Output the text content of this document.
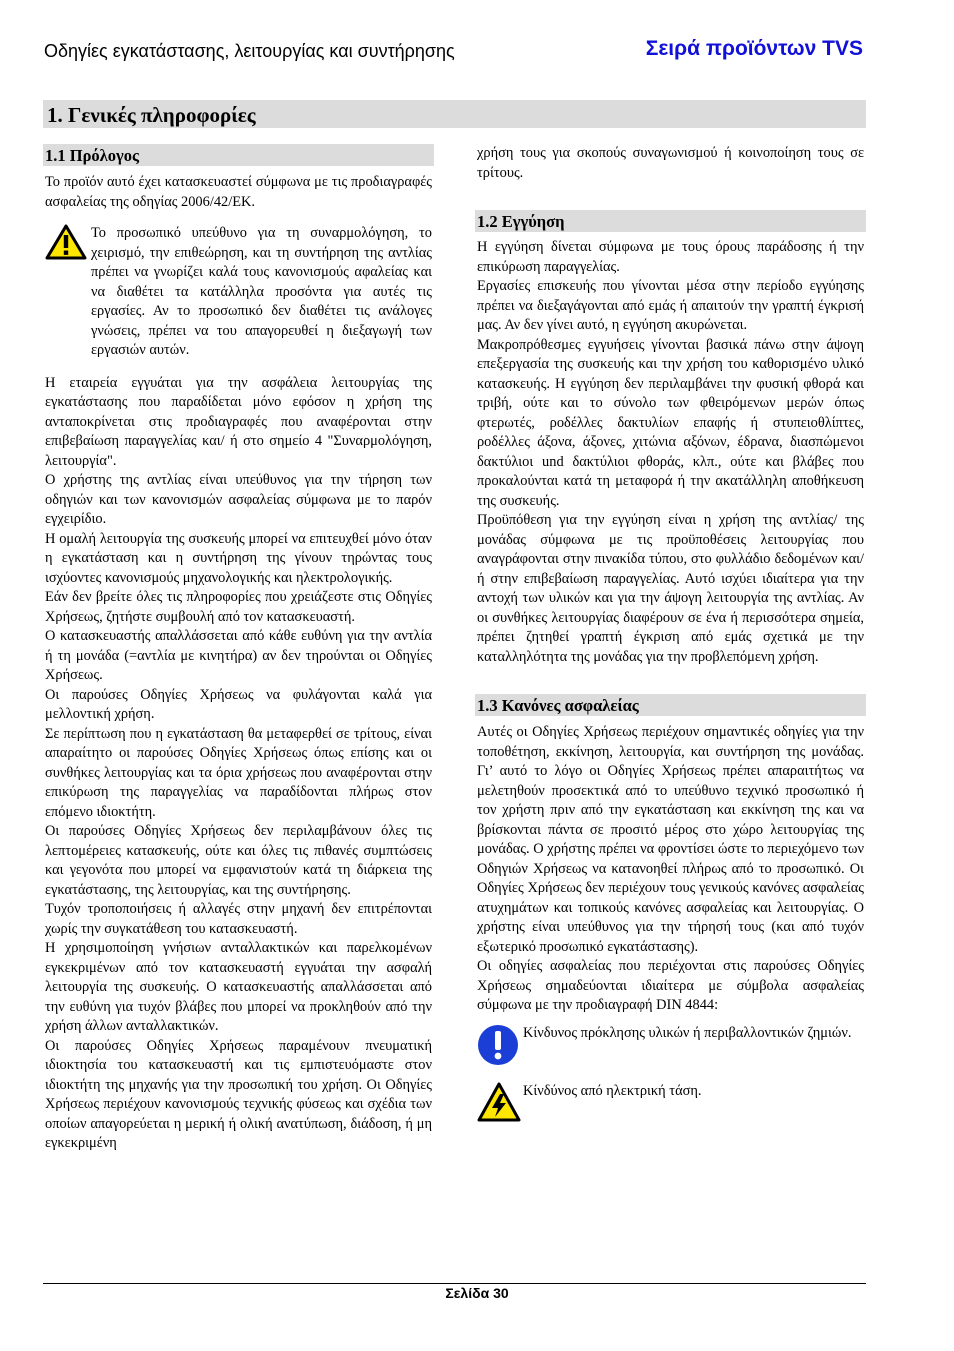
Οδηγίες εγκατάστασης, λειτουργίας και συντήρησης	Σειρά προϊόντων TVS
1. Γενικές πληροφορίες
1.1 Πρόλογος

Το προϊόν αυτό έχει κατασκευαστεί σύμφωνα με τις προδιαγραφές ασφαλείας της οδηγίας 2006/42/ΕΚ.

Το προσωπικό υπεύθυνο για τη συναρμολόγηση, το χειρισμό, την επιθεώρηση, και τη συντήρηση της αντλίας πρέπει να γνωρίζει καλά τους κανονισμούς αφαλείας και να διαθέτει τα κατάλληλα προσόντα για αυτές τις εργασίες. Αν το προσωπικό δεν διαθέτει τις ανάλογες γνώσεις, πρέπει να του απαγορευθεί η διεξαγωγή των εργασιών αυτών.

Η εταιρεία εγγυάται για την ασφάλεια λειτουργίας της εγκατάστασης που παραδίδεται μόνο εφόσον η χρήση της ανταποκρίνεται στις προδιαγραφές που αναφέρονται στην επιβεβαίωση παραγγελίας και/ ή στο σημείο 4 "Συναρμολόγηση, λειτουργία".

Ο χρήστης της αντλίας είναι υπεύθυνος για την τήρηση των οδηγιών και των κανονισμών ασφαλείας σύμφωνα με το παρόν εγχειρίδιο.

Η ομαλή λειτουργία της συσκευής μπορεί να επιτευχθεί μόνο όταν η εγκατάσταση και η συντήρηση της γίνουν τηρώντας τους ισχύοντες κανονισμούς μηχανολογικής και ηλεκτρολογικής.

Εάν δεν βρείτε όλες τις πληροφορίες που χρειάζεστε στις Οδηγίες Χρήσεως, ζητήστε συμβουλή από τον κατασκευαστή.

Ο κατασκευαστής απαλλάσσεται από κάθε ευθύνη για την αντλία ή τη μονάδα (=αντλία με κινητήρα) αν δεν τηρούνται οι Οδηγίες Χρήσεως.

Οι παρούσες Οδηγίες Χρήσεως να φυλάγονται καλά για μελλοντική χρήση.

Σε περίπτωση που η εγκατάσταση θα μεταφερθεί σε τρίτους, είναι απαραίτητο οι παρούσες Οδηγίες Χρήσεως όπως επίσης και οι συνθήκες λειτουργίας και τα όρια χρήσεως που αναφέρονται στην επικύρωση της παραγγελίας να παραδίδονται πλήρως στον επόμενο ιδιοκτήτη.

Οι παρούσες Οδηγίες Χρήσεως δεν περιλαμβάνουν όλες τις λεπτομέρειες κατασκευής, ούτε και όλες τις πιθανές συμπτώσεις και γεγονότα που μπορεί να εμφανιστούν κατά τη διάρκεια της εγκατάστασης, της λειτουργίας, και της συντήρησης.

Τυχόν τροποποιήσεις ή αλλαγές στην μηχανή δεν επιτρέπονται χωρίς την συγκατάθεση του κατασκευαστή.

Η χρησιμοποίηση γνήσιων ανταλλακτικών και παρελκομένων εγκεκριμένων από τον κατασκευαστή εγγυάται την ασφαλή λειτουργία της συσκευής. Ο κατασκευαστής απαλλάσσεται από την ευθύνη για τυχόν βλάβες που μπορεί να προκληθούν από την χρήση άλλων ανταλλακτικών.

Οι παρούσες Οδηγίες Χρήσεως παραμένουν πνευματική ιδιοκτησία του κατασκευαστή και τις εμπιστευόμαστε στον ιδιοκτήτη της μηχανής για την προσωπική του χρήση. Οι Οδηγίες Χρήσεως περιέχουν κανονισμούς τεχνικής φύσεως και σχέδια των οποίων απαγορεύεται η μερική ή ολική ανατύπωση, διάδοση, ή μη εγκεκριμένη

χρήση τους για σκοπούς συναγωνισμού ή κοινοποίηση τους σε τρίτους.

1.2 Εγγύηση

Η εγγύηση δίνεται σύμφωνα με τους όρους παράδοσης ή την επικύρωση παραγγελίας.

Εργασίες επισκευής που γίνονται μέσα στην περίοδο εγγύησης πρέπει να διεξαγάγονται από εμάς ή απαιτούν την γραπτή έγκρισή μας. Αν δεν γίνει αυτό, η εγγύηση ακυρώνεται.

Μακροπρόθεσμες εγγυήσεις γίνονται βασικά πάνω στην άψογη επεξεργασία της συσκευής και την χρήση του καθορισμένο υλικό κατασκευής. Η εγγύηση δεν περιλαμβάνει την φυσική φθορά και τριβή, ούτε και το σύνολο των φθειρόμενων μερών όπως φτερωτές, ροδέλλες δακτυλίων επαφής ή στυπειοθλίπτες, ροδέλλες άξονα, άξονες, χιτώνια αξόνων, έδρανα, διασπώμενοι δακτύλιοι und δακτύλιοι φθοράς, κλπ., ούτε και βλάβες που προκαλούνται κατά τη μεταφορά ή την ακατάλληλη αποθήκευση της συσκευής.

Προϋπόθεση για την εγγύηση είναι η χρήση της αντλίας/ της μονάδας σύμφωνα με τις προϋποθέσεις λειτουργίας που αναγράφονται στην πινακίδα τύπου, στο φυλλάδιο δεδομένων και/ ή στην επιβεβαίωση παραγγελίας. Αυτό ισχύει ιδιαίτερα για την αντοχή των υλικών και για την άψογη λειτουργία της αντλίας. Αν οι συνθήκες λειτουργίας διαφέρουν σε ένα ή περισσότερα σημεία, πρέπει ζητηθεί γραπτή έγκριση από εμάς σχετικά με την καταλληλότητα της μονάδας για την προβλεπόμενη χρήση.

1.3 Κανόνες ασφαλείας

Αυτές οι Οδηγίες Χρήσεως περιέχουν σημαντικές οδηγίες για την τοποθέτηση, εκκίνηση, λειτουργία, και συντήρηση της μονάδας. Γι’ αυτό το λόγο οι Οδηγίες Χρήσεως πρέπει απαραιτήτως να μελετηθούν προσεκτικά από το υπεύθυνο τεχνικό προσωπικό ή τον χρήστη πριν από την εγκατάσταση και εκκίνηση της και να βρίσκονται πάντα σε προσιτό μέρος στο χώρο λειτουργίας της μονάδας. Ο χρήστης πρέπει να φροντίσει ώστε το περιεχόμενο των Οδηγιών Χρήσεως να κατανοηθεί πλήρως από το προσωπικό. Οι Οδηγίες Χρήσεως δεν περιέχουν τους γενικούς κανόνες ασφαλείας ατυχημάτων και τοπικούς κανόνες ασφαλείας και λειτουργίας. Ο χρήστης είναι υπεύθυνος για την τήρησή τους (και από τυχόν εξωτερικό προσωπικό εγκατάστασης).

Οι οδηγίες ασφαλείας που περιέχονται στις παρούσες Οδηγίες Χρήσεως σημαδεύονται ιδιαίτερα με σύμβολα ασφαλείας σύμφωνα με την προδιαγραφή DIN 4844:

Κίνδυνος πρόκλησης υλικών ή περιβαλλοντικών ζημιών.

Κίνδύνος από ηλεκτρική τάση.

Σελίδα 30
